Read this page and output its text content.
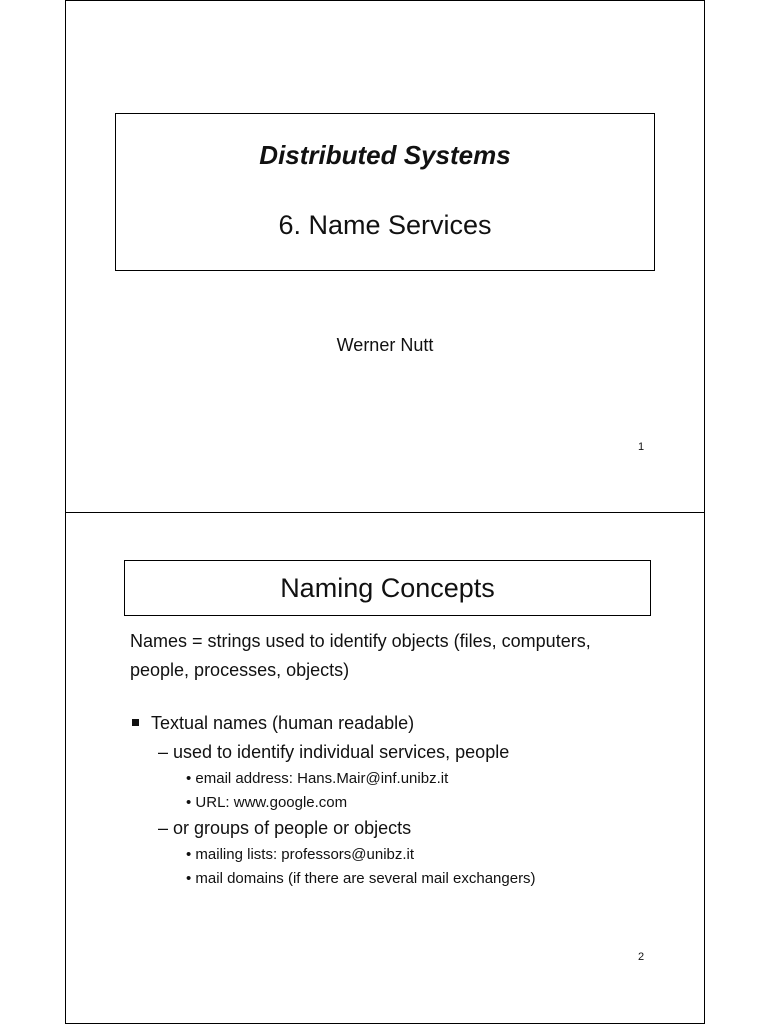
Distributed Systems
6. Name Services
Werner Nutt
1
Naming Concepts
Names = strings used to identify objects (files, computers, people, processes, objects)
Textual names (human readable)
– used to identify individual services, people
• email address: Hans.Mair@inf.unibz.it
• URL: www.google.com
– or groups of people or objects
• mailing lists: professors@unibz.it
• mail domains (if there are several mail exchangers)
2
